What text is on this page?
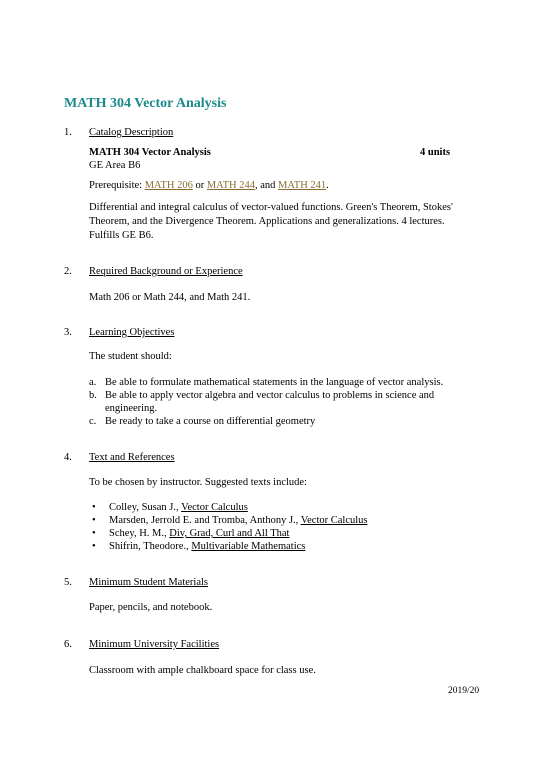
MATH 304 Vector Analysis
1. Catalog Description
MATH 304 Vector Analysis	4 units
GE Area B6
Prerequisite: MATH 206 or MATH 244, and MATH 241.
Differential and integral calculus of vector-valued functions. Green's Theorem, Stokes' Theorem, and the Divergence Theorem. Applications and generalizations. 4 lectures. Fulfills GE B6.
2. Required Background or Experience
Math 206 or Math 244, and Math 241.
3. Learning Objectives
The student should:
a. Be able to formulate mathematical statements in the language of vector analysis.
b. Be able to apply vector algebra and vector calculus to problems in science and
engineering.
c. Be ready to take a course on differential geometry
4. Text and References
To be chosen by instructor. Suggested texts include:
• Colley, Susan J., Vector Calculus
• Marsden, Jerrold E. and Tromba, Anthony J., Vector Calculus
• Schey, H. M., Div, Grad, Curl and All That
• Shifrin, Theodore., Multivariable Mathematics
5. Minimum Student Materials
Paper, pencils, and notebook.
6. Minimum University Facilities
Classroom with ample chalkboard space for class use.
2019/20
